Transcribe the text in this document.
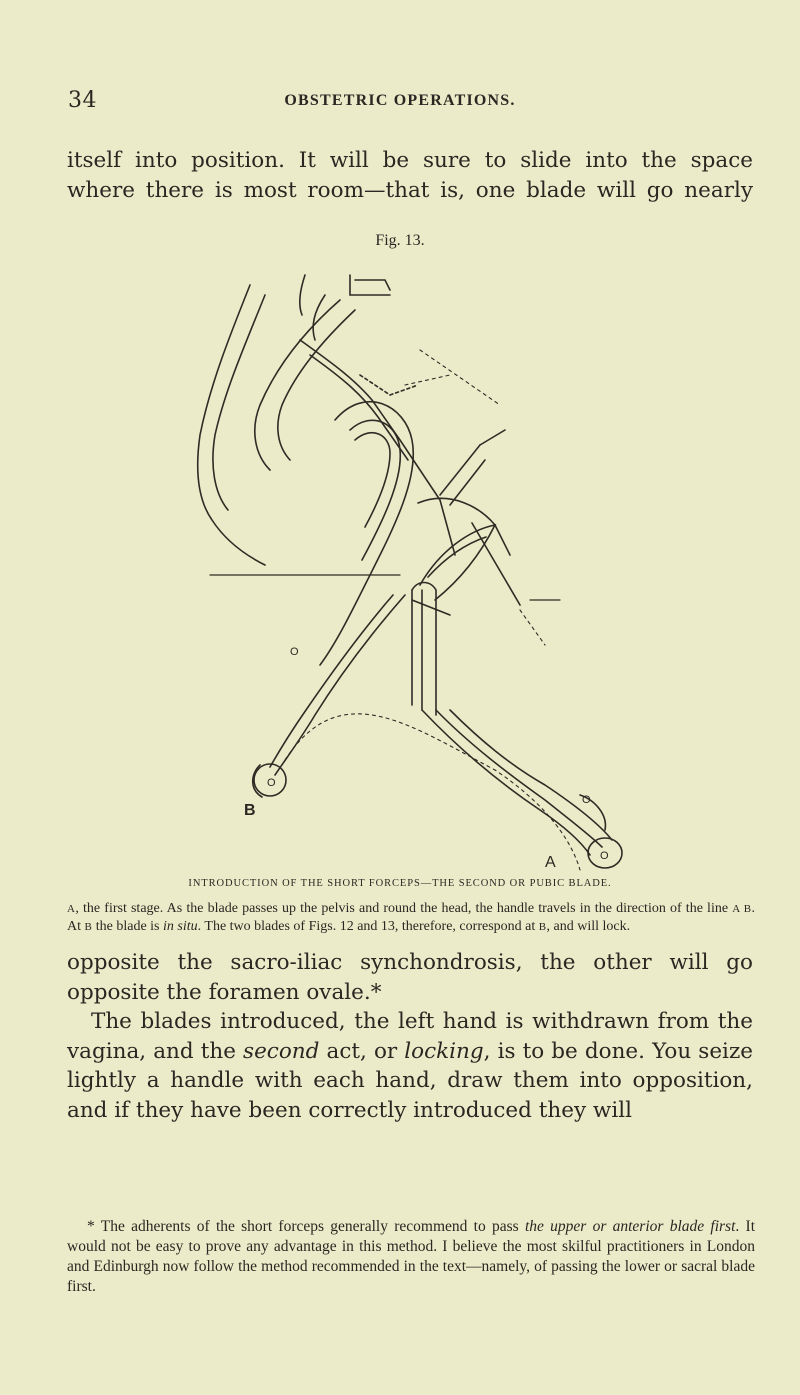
34	OBSTETRIC OPERATIONS.

itself into position. It will be sure to slide into the space

where there is most room—that is, one blade will go nearly

Fig. 13.
B
A
O
O
O
O
INTRODUCTION OF THE SHORT FORCEPS—THE SECOND OR PUBIC BLADE.

A, the first stage. As the blade passes up the pelvis and round the head, the handle travels in the direction of the line A B. At B the blade is in situ. The two blades of Figs. 12 and 13, therefore, correspond at B, and will lock.

opposite the sacro-iliac synchondrosis, the other will go opposite the foramen ovale.*

The blades introduced, the left hand is withdrawn from the vagina, and the second act, or locking, is to be done. You seize lightly a handle with each hand, draw them into opposition, and if they have been correctly introduced they will

* The adherents of the short forceps generally recommend to pass the upper or anterior blade first. It would not be easy to prove any advantage in this method. I believe the most skilful practitioners in London and Edinburgh now follow the method recommended in the text—namely, of passing the lower or sacral blade first.
